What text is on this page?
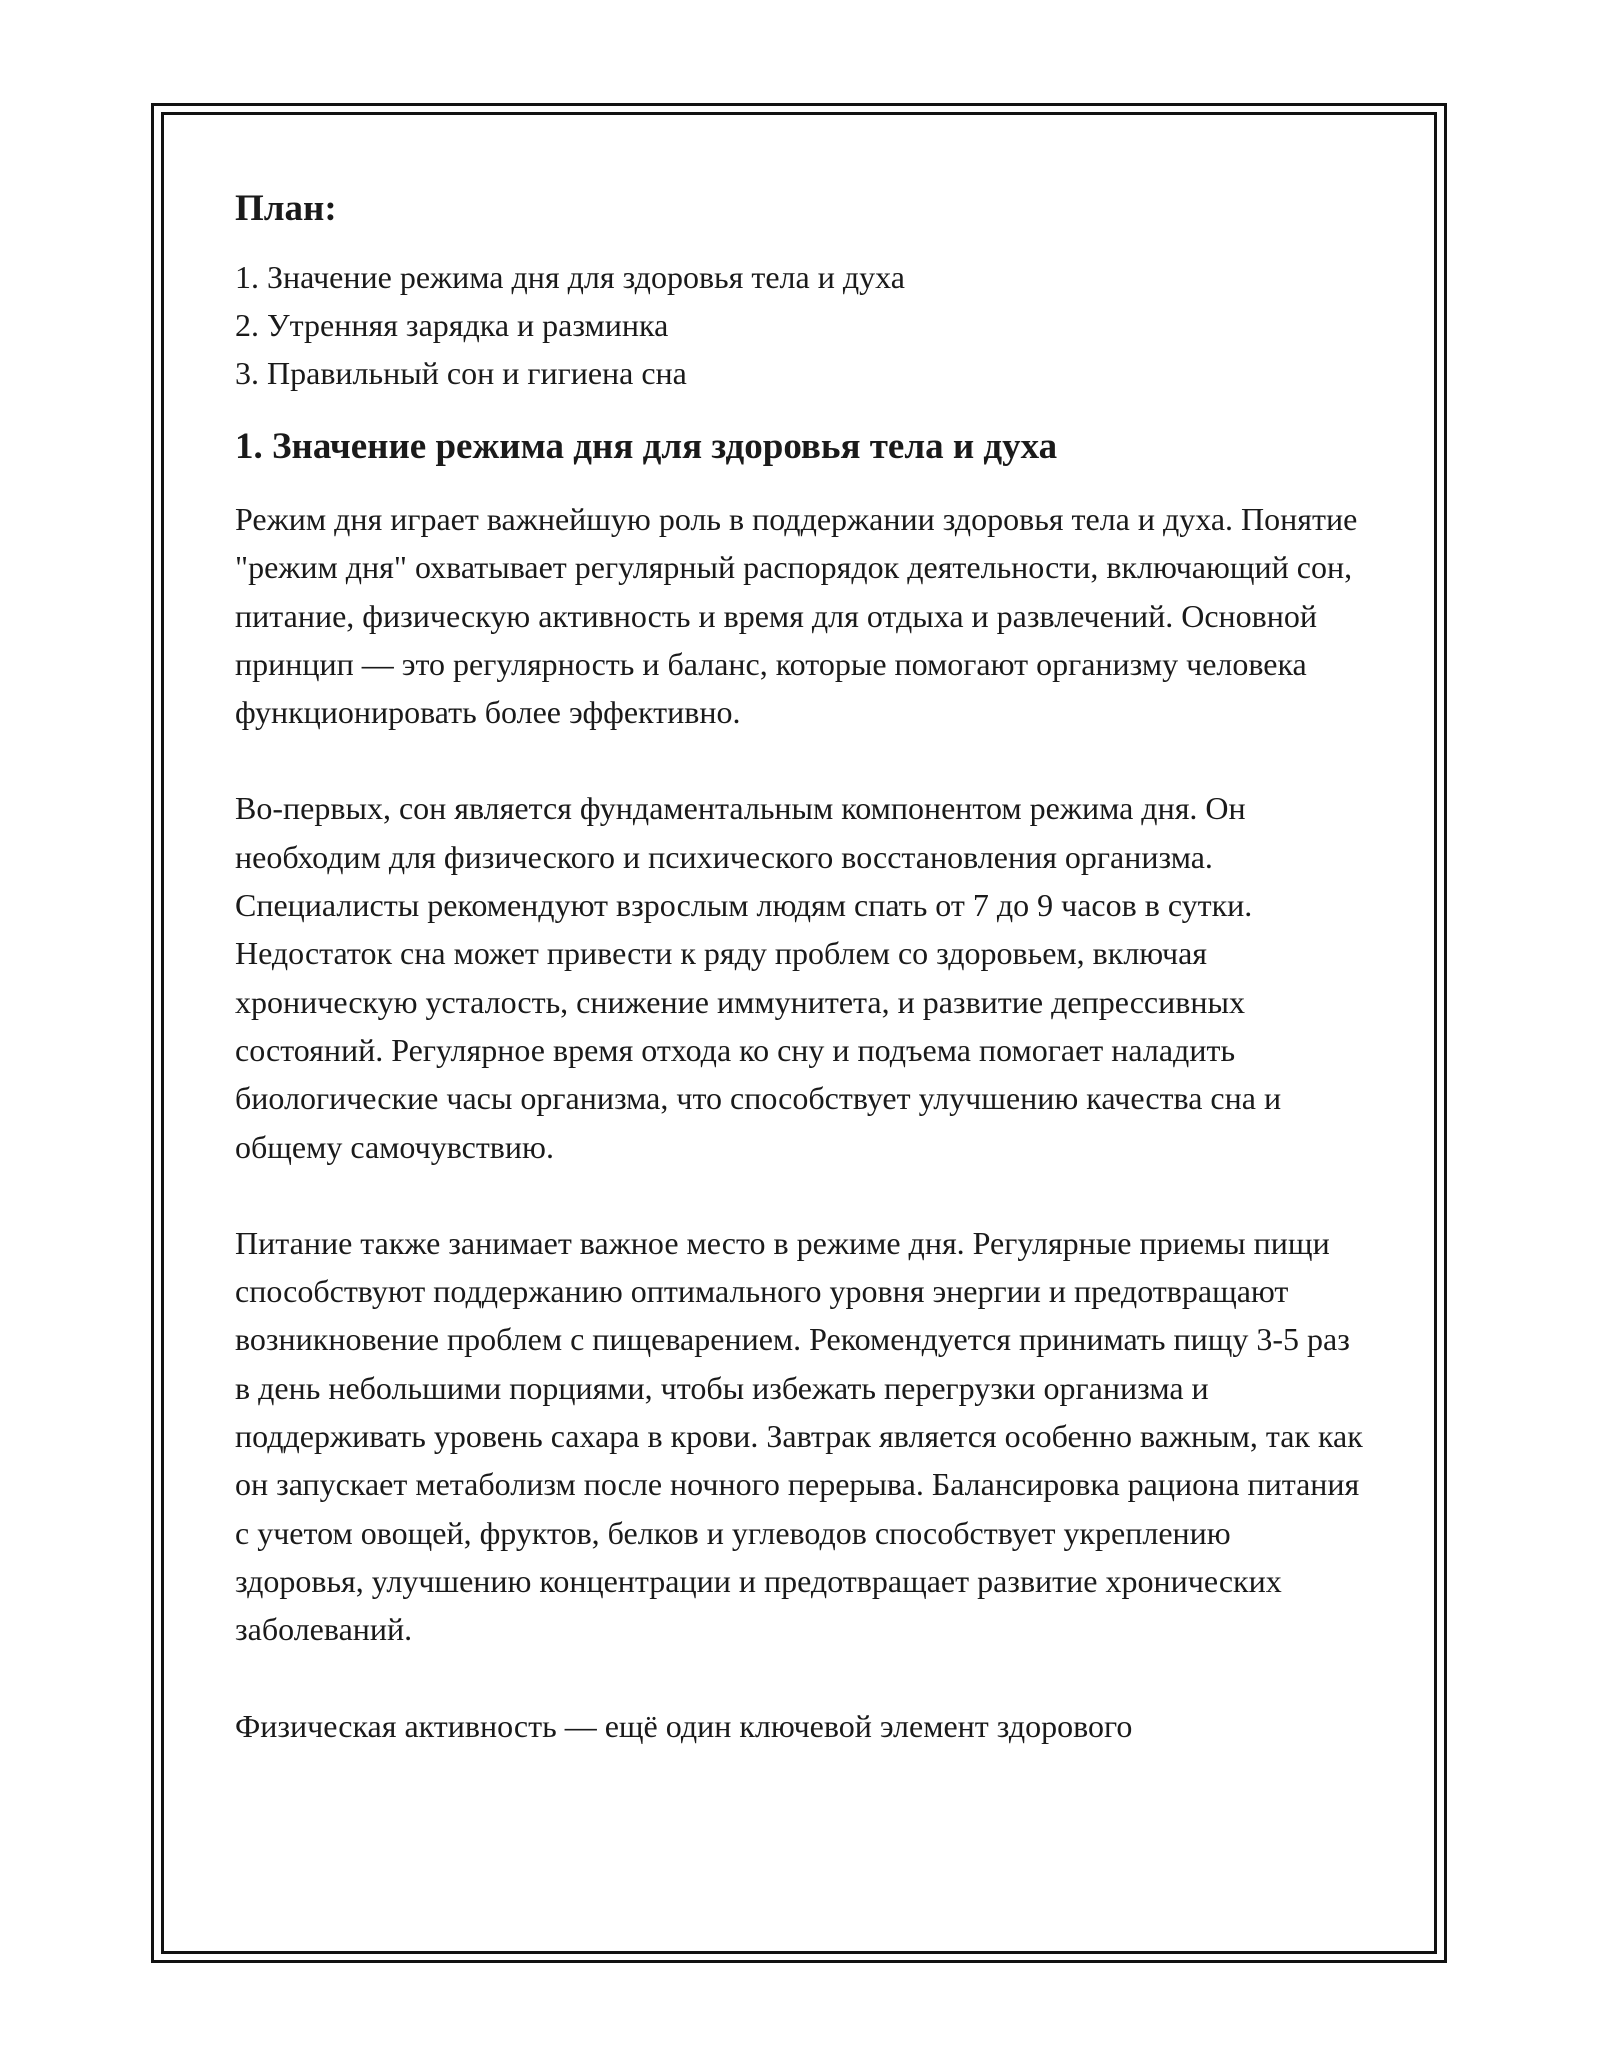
План:
1. Значение режима дня для здоровья тела и духа
2. Утренняя зарядка и разминка
3. Правильный сон и гигиена сна
1. Значение режима дня для здоровья тела и духа

Режим дня играет важнейшую роль в поддержании здоровья тела и духа. Понятие "режим дня" охватывает регулярный распорядок деятельности, включающий сон, питание, физическую активность и время для отдыха и развлечений. Основной принцип — это регулярность и баланс, которые помогают организму человека функционировать более эффективно.

Во-первых, сон является фундаментальным компонентом режима дня. Он необходим для физического и психического восстановления организма. Специалисты рекомендуют взрослым людям спать от 7 до 9 часов в сутки. Недостаток сна может привести к ряду проблем со здоровьем, включая хроническую усталость, снижение иммунитета, и развитие депрессивных состояний. Регулярное время отхода ко сну и подъема помогает наладить биологические часы организма, что способствует улучшению качества сна и общему самочувствию.

Питание также занимает важное место в режиме дня. Регулярные приемы пищи способствуют поддержанию оптимального уровня энергии и предотвращают возникновение проблем с пищеварением. Рекомендуется принимать пищу 3-5 раз в день небольшими порциями, чтобы избежать перегрузки организма и поддерживать уровень сахара в крови. Завтрак является особенно важным, так как он запускает метаболизм после ночного перерыва. Балансировка рациона питания с учетом овощей, фруктов, белков и углеводов способствует укреплению здоровья, улучшению концентрации и предотвращает развитие хронических заболеваний.

Физическая активность — ещё один ключевой элемент здорового
